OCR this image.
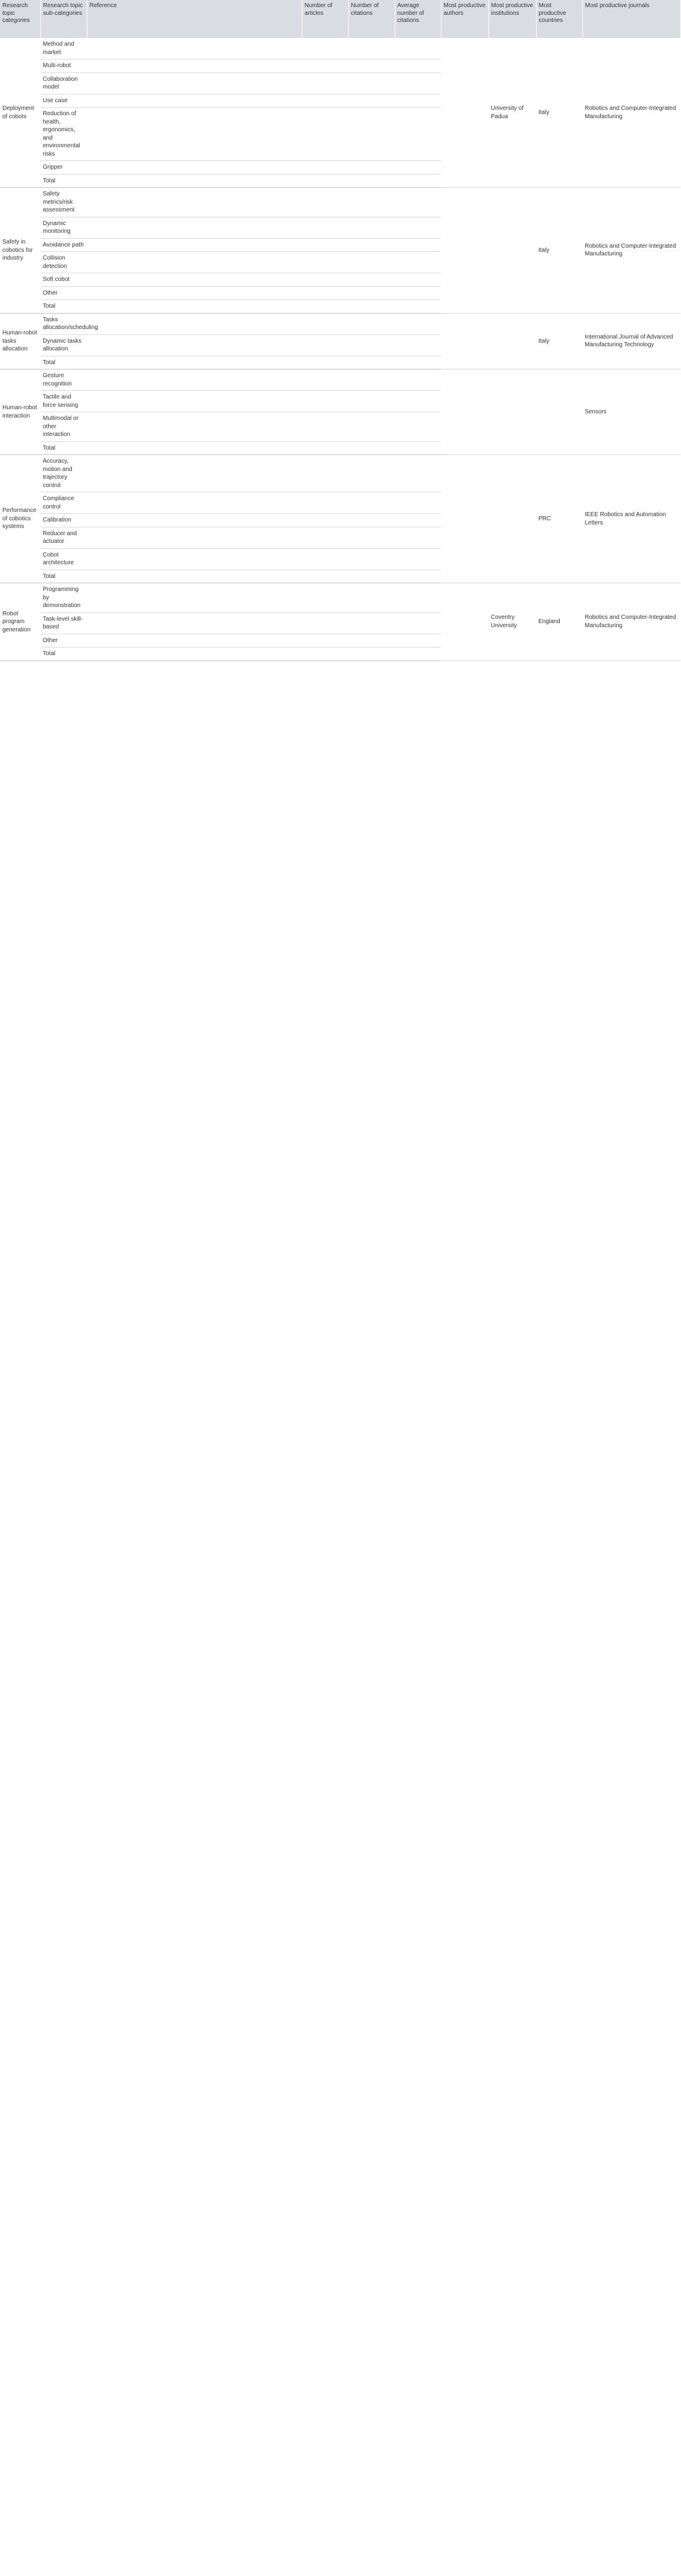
Research topic categories	Research topic sub-categories	Reference	Number of articles	Number of citations	Average number of citations	Most productive authors	Most productive institutions	Most productive countries	Most productive journals
Deployment of cobots	Method and market						University of Padua	Italy	Robotics and Computer-Integrated Manufacturing
	Multi-robot								
	Collaboration model								
	Use case								
	Reduction of health, ergonomics, and environmental risks								
	Gripper								
	Total								
Safety in cobotics for industry	Safety metrics/risk assessment							Italy	Robotics and Computer-Integrated Manufacturing
	Dynamic monitoring								
	Avoidance path								
	Collision detection								
	Soft cobot								
	Other								
	Total								
Human-robot tasks allocation	Tasks allocation/scheduling							Italy	International Journal of Advanced Manufacturing Technology
	Dynamic tasks allocation								
	Total								
Human-robot interaction	Gesture recognition								Sensors
	Tactile and force sensing								
	Multimodal or other interaction								
	Total								
Performance of cobotics systems	Accuracy, motion and trajectory control							PRC	IEEE Robotics and Automation Letters
	Compliance control								
	Calibration								
	Reducer and actuator								
	Cobot architecture								
	Total								
Robot program generation	Programming by demonstration						Coventry University	England	Robotics and Computer-Integrated Manufacturing
	Task-level skill-based								
	Other								
	Total								
